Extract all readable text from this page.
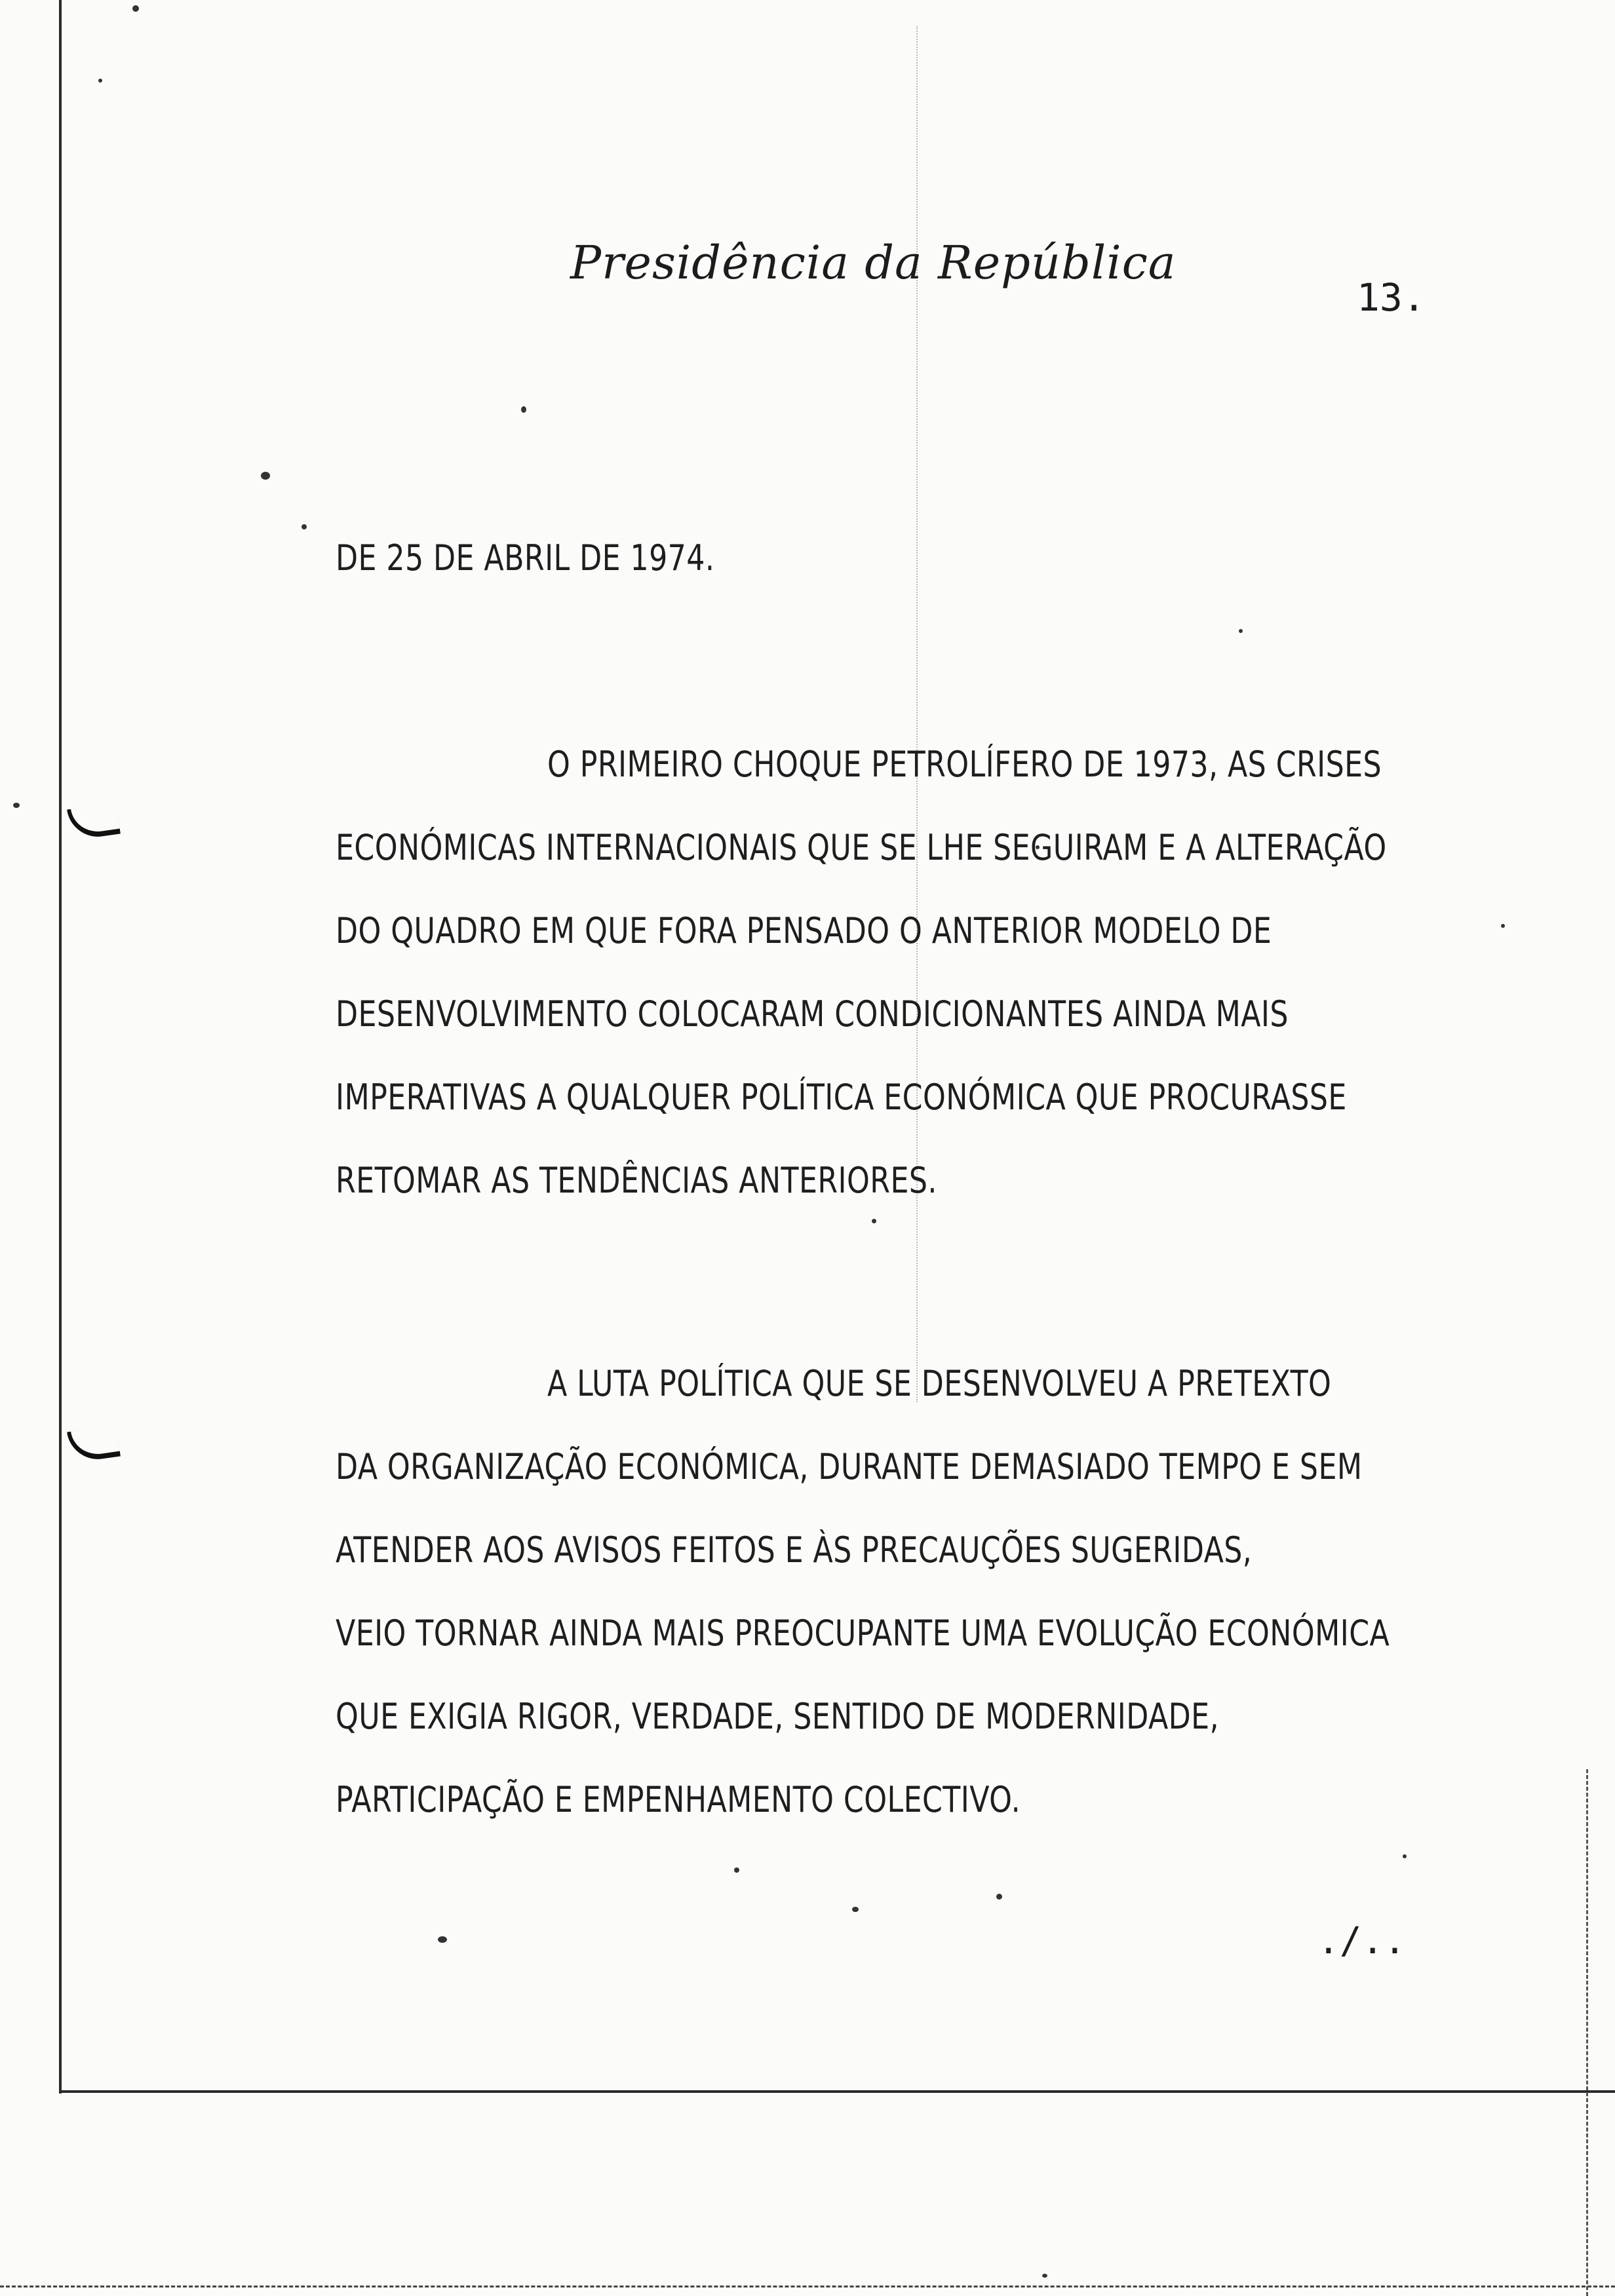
Presidência da República
13.
DE 25 DE ABRIL DE 1974.
O PRIMEIRO CHOQUE PETROLÍFERO DE 1973, AS CRISES
ECONÓMICAS INTERNACIONAIS QUE SE LHE SEGUIRAM E A ALTERAÇÃO
DO QUADRO EM QUE FORA PENSADO O ANTERIOR MODELO DE
DESENVOLVIMENTO COLOCARAM CONDICIONANTES AINDA MAIS
IMPERATIVAS A QUALQUER POLÍTICA ECONÓMICA QUE PROCURASSE
RETOMAR AS TENDÊNCIAS ANTERIORES.
A LUTA POLÍTICA QUE SE DESENVOLVEU A PRETEXTO
DA ORGANIZAÇÃO ECONÓMICA, DURANTE DEMASIADO TEMPO E SEM
ATENDER AOS AVISOS FEITOS E ÀS PRECAUÇÕES SUGERIDAS,
VEIO TORNAR AINDA MAIS PREOCUPANTE UMA EVOLUÇÃO ECONÓMICA
QUE EXIGIA RIGOR, VERDADE, SENTIDO DE MODERNIDADE,
PARTICIPAÇÃO E EMPENHAMENTO COLECTIVO.
./..
